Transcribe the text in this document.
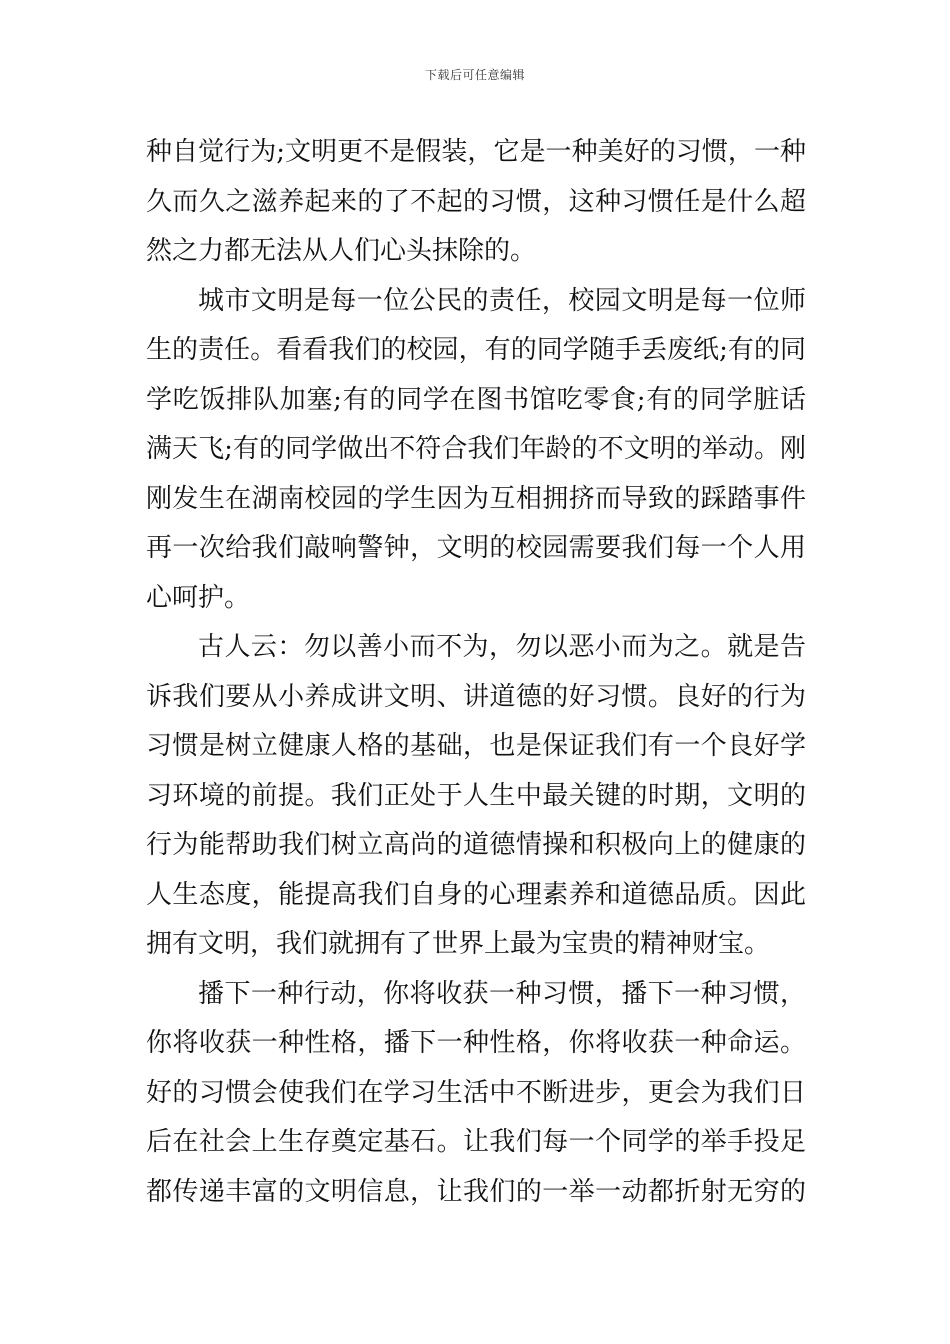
下载后可任意编辑
种自觉行为;文明更不是假装，它是一种美好的习惯，一种
久而久之滋养起来的了不起的习惯，这种习惯任是什么超
然之力都无法从人们心头抹除的。
城市文明是每一位公民的责任，校园文明是每一位师
生的责任。看看我们的校园，有的同学随手丢废纸;有的同
学吃饭排队加塞;有的同学在图书馆吃零食;有的同学脏话
满天飞;有的同学做出不符合我们年龄的不文明的举动。刚
刚发生在湖南校园的学生因为互相拥挤而导致的踩踏事件
再一次给我们敲响警钟，文明的校园需要我们每一个人用
心呵护。
古人云：勿以善小而不为，勿以恶小而为之。就是告
诉我们要从小养成讲文明、讲道德的好习惯。良好的行为
习惯是树立健康人格的基础，也是保证我们有一个良好学
习环境的前提。我们正处于人生中最关键的时期，文明的
行为能帮助我们树立高尚的道德情操和积极向上的健康的
人生态度，能提高我们自身的心理素养和道德品质。因此
拥有文明，我们就拥有了世界上最为宝贵的精神财宝。
播下一种行动，你将收获一种习惯，播下一种习惯，
你将收获一种性格，播下一种性格，你将收获一种命运。
好的习惯会使我们在学习生活中不断进步，更会为我们日
后在社会上生存奠定基石。让我们每一个同学的举手投足
都传递丰富的文明信息，让我们的一举一动都折射无穷的
